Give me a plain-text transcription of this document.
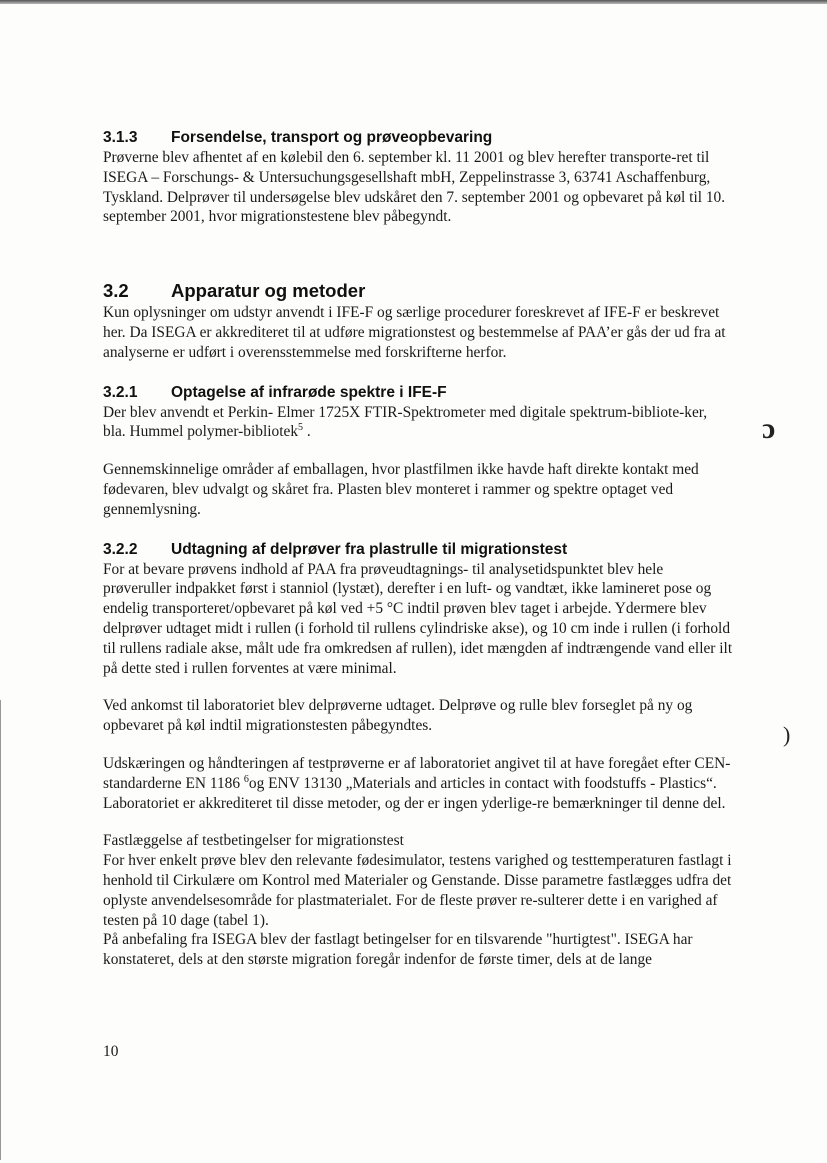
3.1.3 Forsendelse, transport og prøveopbevaring

Prøverne blev afhentet af en kølebil den 6. september kl. 11 2001 og blev herefter transporte-ret til ISEGA – Forschungs- & Untersuchungsgesellshaft mbH, Zeppelinstrasse 3, 63741 Aschaffenburg, Tyskland. Delprøver til undersøgelse blev udskåret den 7. september 2001 og opbevaret på køl til 10. september 2001, hvor migrationstestene blev påbegyndt.

3.2 Apparatur og metoder

Kun oplysninger om udstyr anvendt i IFE-F og særlige procedurer foreskrevet af IFE-F er beskrevet her. Da ISEGA er akkrediteret til at udføre migrationstest og bestemmelse af PAA’er gås der ud fra at analyserne er udført i overensstemmelse med forskrifterne herfor.

3.2.1 Optagelse af infrarøde spektre i IFE-F

Der blev anvendt et Perkin- Elmer 1725X FTIR-Spektrometer med digitale spektrum-bibliote-ker, bla. Hummel polymer-bibliotek$^5$ .

Gennemskinnelige områder af emballagen, hvor plastfilmen ikke havde haft direkte kontakt med fødevaren, blev udvalgt og skåret fra. Plasten blev monteret i rammer og spektre optaget ved gennemlysning.

3.2.2 Udtagning af delprøver fra plastrulle til migrationstest

For at bevare prøvens indhold af PAA fra prøveudtagnings- til analysetidspunktet blev hele prøveruller indpakket først i stanniol (lystæt), derefter i en luft- og vandtæt, ikke lamineret pose og endelig transporteret/opbevaret på køl ved +5 °C indtil prøven blev taget i arbejde. Ydermere blev delprøver udtaget midt i rullen (i forhold til rullens cylindriske akse), og 10 cm inde i rullen (i forhold til rullens radiale akse, målt ude fra omkredsen af rullen), idet mængden af indtrængende vand eller ilt på dette sted i rullen forventes at være minimal.

Ved ankomst til laboratoriet blev delprøverne udtaget. Delprøve og rulle blev forseglet på ny og opbevaret på køl indtil migrationstesten påbegyndtes.

Udskæringen og håndteringen af testprøverne er af laboratoriet angivet til at have foregået efter CEN-standarderne EN 1186 $^6$og ENV 13130 „Materials and articles in contact with foodstuffs - Plastics“. Laboratoriet er akkrediteret til disse metoder, og der er ingen yderlige-re bemærkninger til denne del.

Fastlæggelse af testbetingelser for migrationstest

For hver enkelt prøve blev den relevante fødesimulator, testens varighed og testtemperaturen fastlagt i henhold til Cirkulære om Kontrol med Materialer og Genstande. Disse parametre fastlægges udfra det oplyste anvendelsesområde for plastmaterialet. For de fleste prøver re-sulterer dette i en varighed af testen på 10 dage (tabel 1).

På anbefaling fra ISEGA blev der fastlagt betingelser for en tilsvarende "hurtigtest". ISEGA har konstateret, dels at den største migration foregår indenfor de første timer, dels at de lange

10
ɔ
)
